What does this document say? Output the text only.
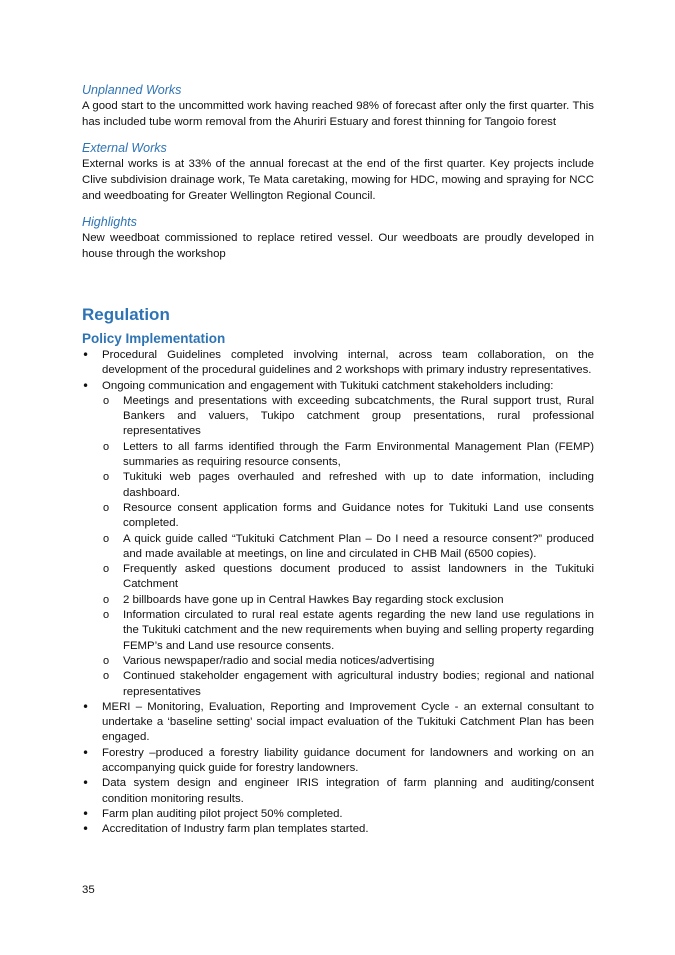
Unplanned Works

A good start to the uncommitted work having reached 98% of forecast after only the first quarter. This has included tube worm removal from the Ahuriri Estuary and forest thinning for Tangoio forest

External Works

External works is at 33% of the annual forecast at the end of the first quarter. Key projects include Clive subdivision drainage work, Te Mata caretaking, mowing for HDC, mowing and spraying for NCC and weedboating for Greater Wellington Regional Council.

Highlights

New weedboat commissioned to replace retired vessel. Our weedboats are proudly developed in house through the workshop

Regulation
Policy Implementation
• Procedural Guidelines completed involving internal, across team collaboration, on the development of the procedural guidelines and 2 workshops with primary industry representatives.
• Ongoing communication and engagement with Tukituki catchment stakeholders including:
o Meetings and presentations with exceeding subcatchments, the Rural support trust, Rural Bankers and valuers, Tukipo catchment group presentations, rural professional representatives
o Letters to all farms identified through the Farm Environmental Management Plan (FEMP) summaries as requiring resource consents,
o Tukituki web pages overhauled and refreshed with up to date information, including dashboard.
o Resource consent application forms and Guidance notes for Tukituki Land use consents completed.
o A quick guide called “Tukituki Catchment Plan – Do I need a resource consent?” produced and made available at meetings, on line and circulated in CHB Mail (6500 copies).
o Frequently asked questions document produced to assist landowners in the Tukituki Catchment
o 2 billboards have gone up in Central Hawkes Bay regarding stock exclusion
o Information circulated to rural real estate agents regarding the new land use regulations in the Tukituki catchment and the new requirements when buying and selling property regarding FEMP’s and Land use resource consents.
o Various newspaper/radio and social media notices/advertising
o Continued stakeholder engagement with agricultural industry bodies; regional and national representatives
• MERI – Monitoring, Evaluation, Reporting and Improvement Cycle - an external consultant to undertake a ‘baseline setting’ social impact evaluation of the Tukituki Catchment Plan has been engaged.
• Forestry –produced a forestry liability guidance document for landowners and working on an accompanying quick guide for forestry landowners.
• Data system design and engineer IRIS integration of farm planning and auditing/consent condition monitoring results.
• Farm plan auditing pilot project 50% completed.
• Accreditation of Industry farm plan templates started.
35
